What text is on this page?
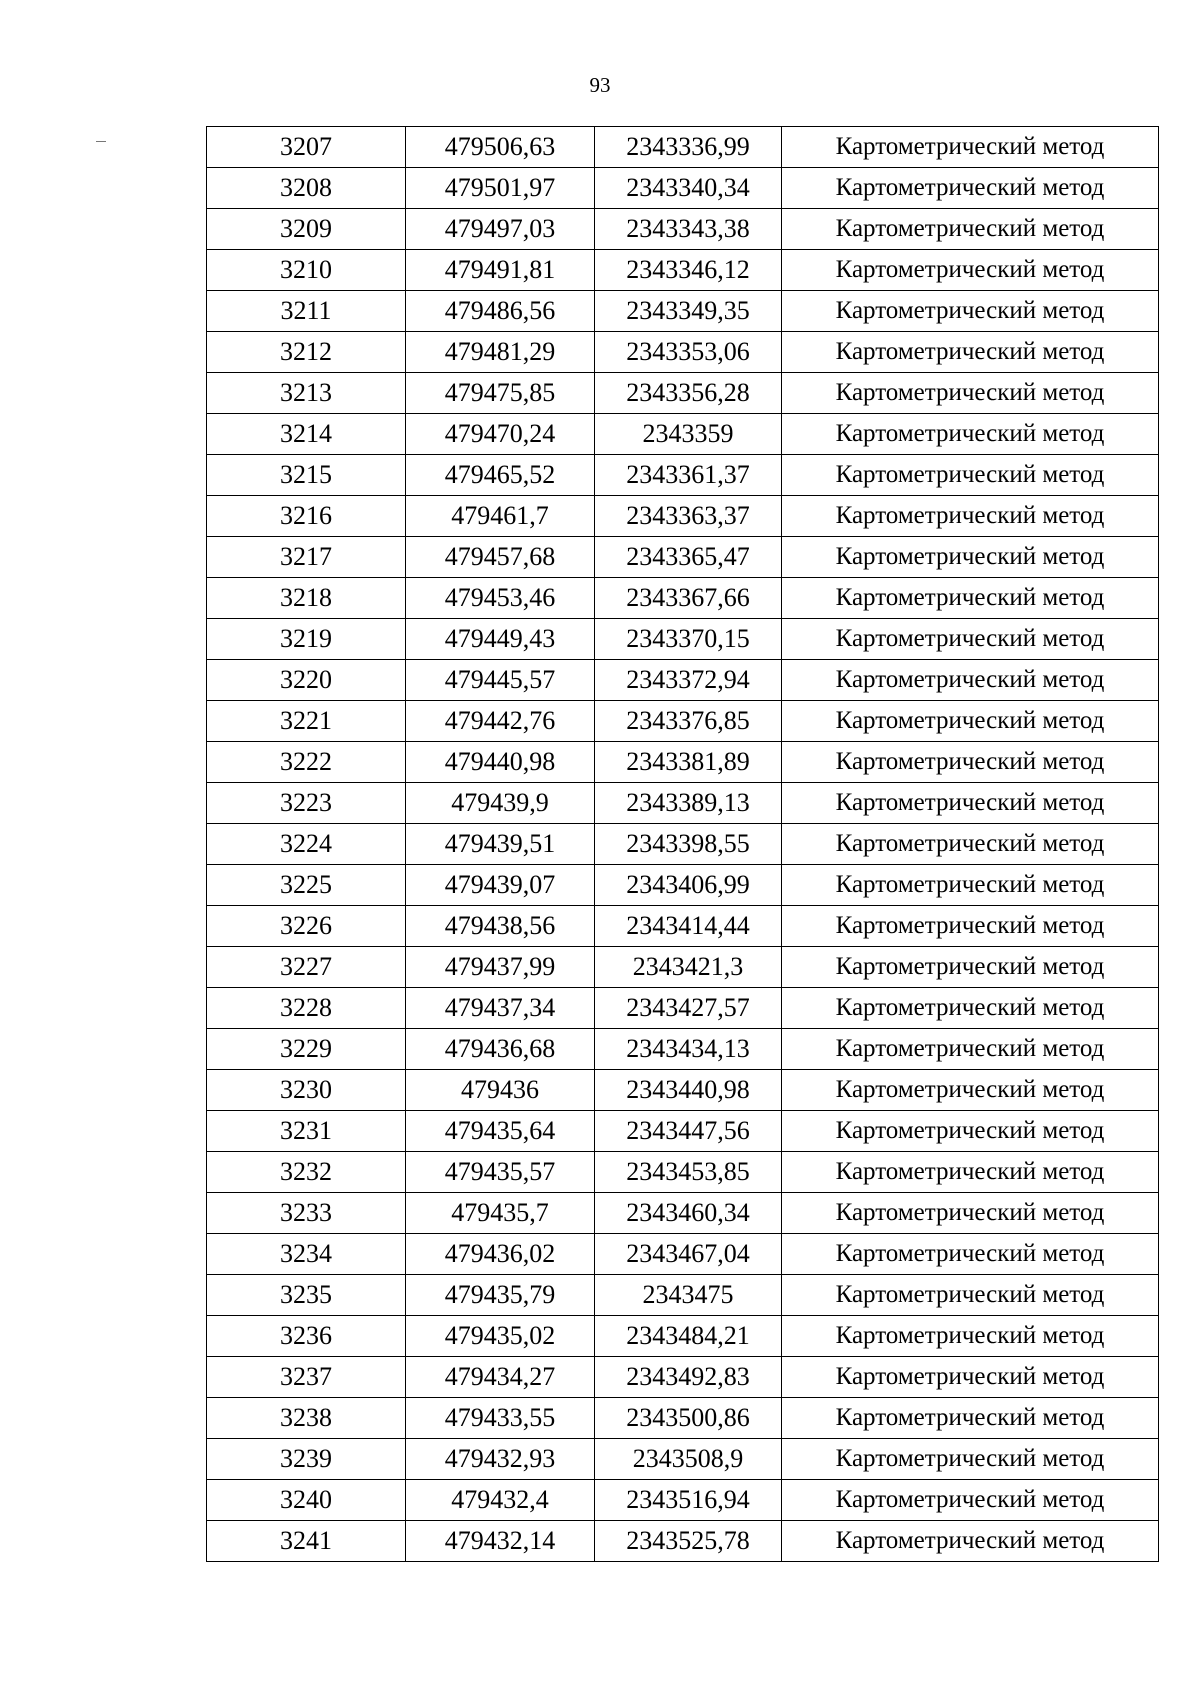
93
3207	479506,63	2343336,99	Картометрический метод
3208	479501,97	2343340,34	Картометрический метод
3209	479497,03	2343343,38	Картометрический метод
3210	479491,81	2343346,12	Картометрический метод
3211	479486,56	2343349,35	Картометрический метод
3212	479481,29	2343353,06	Картометрический метод
3213	479475,85	2343356,28	Картометрический метод
3214	479470,24	2343359	Картометрический метод
3215	479465,52	2343361,37	Картометрический метод
3216	479461,7	2343363,37	Картометрический метод
3217	479457,68	2343365,47	Картометрический метод
3218	479453,46	2343367,66	Картометрический метод
3219	479449,43	2343370,15	Картометрический метод
3220	479445,57	2343372,94	Картометрический метод
3221	479442,76	2343376,85	Картометрический метод
3222	479440,98	2343381,89	Картометрический метод
3223	479439,9	2343389,13	Картометрический метод
3224	479439,51	2343398,55	Картометрический метод
3225	479439,07	2343406,99	Картометрический метод
3226	479438,56	2343414,44	Картометрический метод
3227	479437,99	2343421,3	Картометрический метод
3228	479437,34	2343427,57	Картометрический метод
3229	479436,68	2343434,13	Картометрический метод
3230	479436	2343440,98	Картометрический метод
3231	479435,64	2343447,56	Картометрический метод
3232	479435,57	2343453,85	Картометрический метод
3233	479435,7	2343460,34	Картометрический метод
3234	479436,02	2343467,04	Картометрический метод
3235	479435,79	2343475	Картометрический метод
3236	479435,02	2343484,21	Картометрический метод
3237	479434,27	2343492,83	Картометрический метод
3238	479433,55	2343500,86	Картометрический метод
3239	479432,93	2343508,9	Картометрический метод
3240	479432,4	2343516,94	Картометрический метод
3241	479432,14	2343525,78	Картометрический метод
